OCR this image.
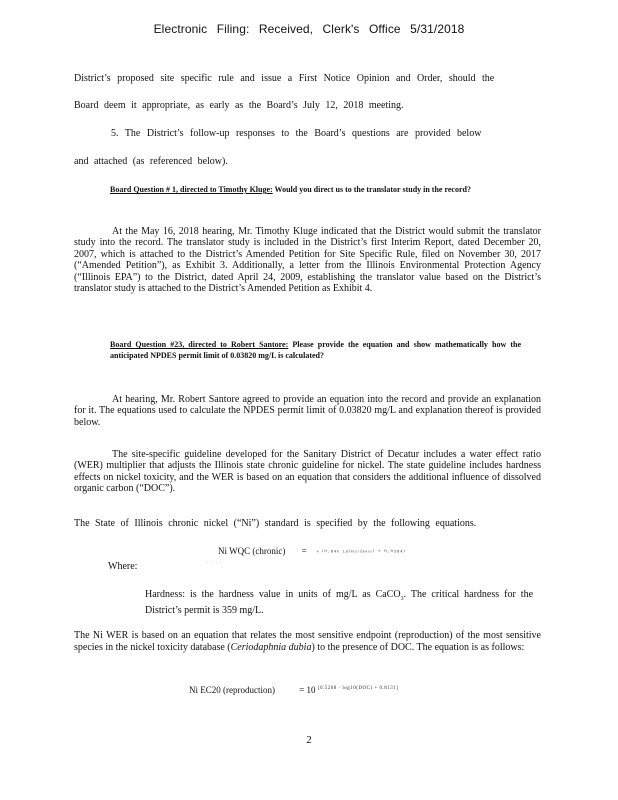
Electronic Filing: Received, Clerk's Office 5/31/2018
District’s proposed site specific rule and issue a First Notice Opinion and Order, should the
Board deem it appropriate, as early as the Board’s July 12, 2018 meeting.
5. The District’s follow-up responses to the Board’s questions are provided below
and attached (as referenced below).
Board Question # 1, directed to Timothy Kluge: Would you direct us to the translator study in the record?
At the May 16, 2018 hearing, Mr. Timothy Kluge indicated that the District would submit the translator study into the record. The translator study is included in the District’s first Interim Report, dated December 20, 2007, which is attached to the District’s Amended Petition for Site Specific Rule, filed on November 30, 2017 (“Amended Petition”), as Exhibit 3. Additionally, a letter from the Illinois Environmental Protection Agency (“Illinois EPA”) to the District, dated April 24, 2009, establishing the translator value based on the District’s translator study is attached to the District’s Amended Petition as Exhibit 4.
Board Question #23, directed to Robert Santore: Please provide the equation and show mathematically how the anticipated NPDES permit limit of 0.03820 mg/L is calculated?
At hearing, Mr. Robert Santore agreed to provide an equation into the record and provide an explanation for it. The equations used to calculate the NPDES permit limit of 0.03820 mg/L and explanation thereof is provided below.
The site-specific guideline developed for the Sanitary District of Decatur includes a water effect ratio (WER) multiplier that adjusts the Illinois state chronic guideline for nickel. The state guideline includes hardness effects on nickel toxicity, and the WER is based on an equation that considers the additional influence of dissolved organic carbon (“DOC”).
The State of Illinois chronic nickel (“Ni”) standard is specified by the following equations.
Ni WQC (chronic) = ᵉ ⁽⁰·⁸⁴⁶ ᴸⁿ⁽ᴴᵃʳᵈⁿᵉˢˢ⁾ ⁺ ⁰·⁰⁵⁸⁴⁾
· · · ·
Where:
Hardness: is the hardness value in units of mg/L as CaCO$_3$. The critical hardness for the District’s permit is 359 mg/L.
The Ni WER is based on an equation that relates the most sensitive endpoint (reproduction) of the most sensitive species in the nickel toxicity database (Ceriodaphnia dubia) to the presence of DOC. The equation is as follows:
Ni EC20 (reproduction)	= 10 [0.5268 · log10(DOC) + 0.8131]
2
